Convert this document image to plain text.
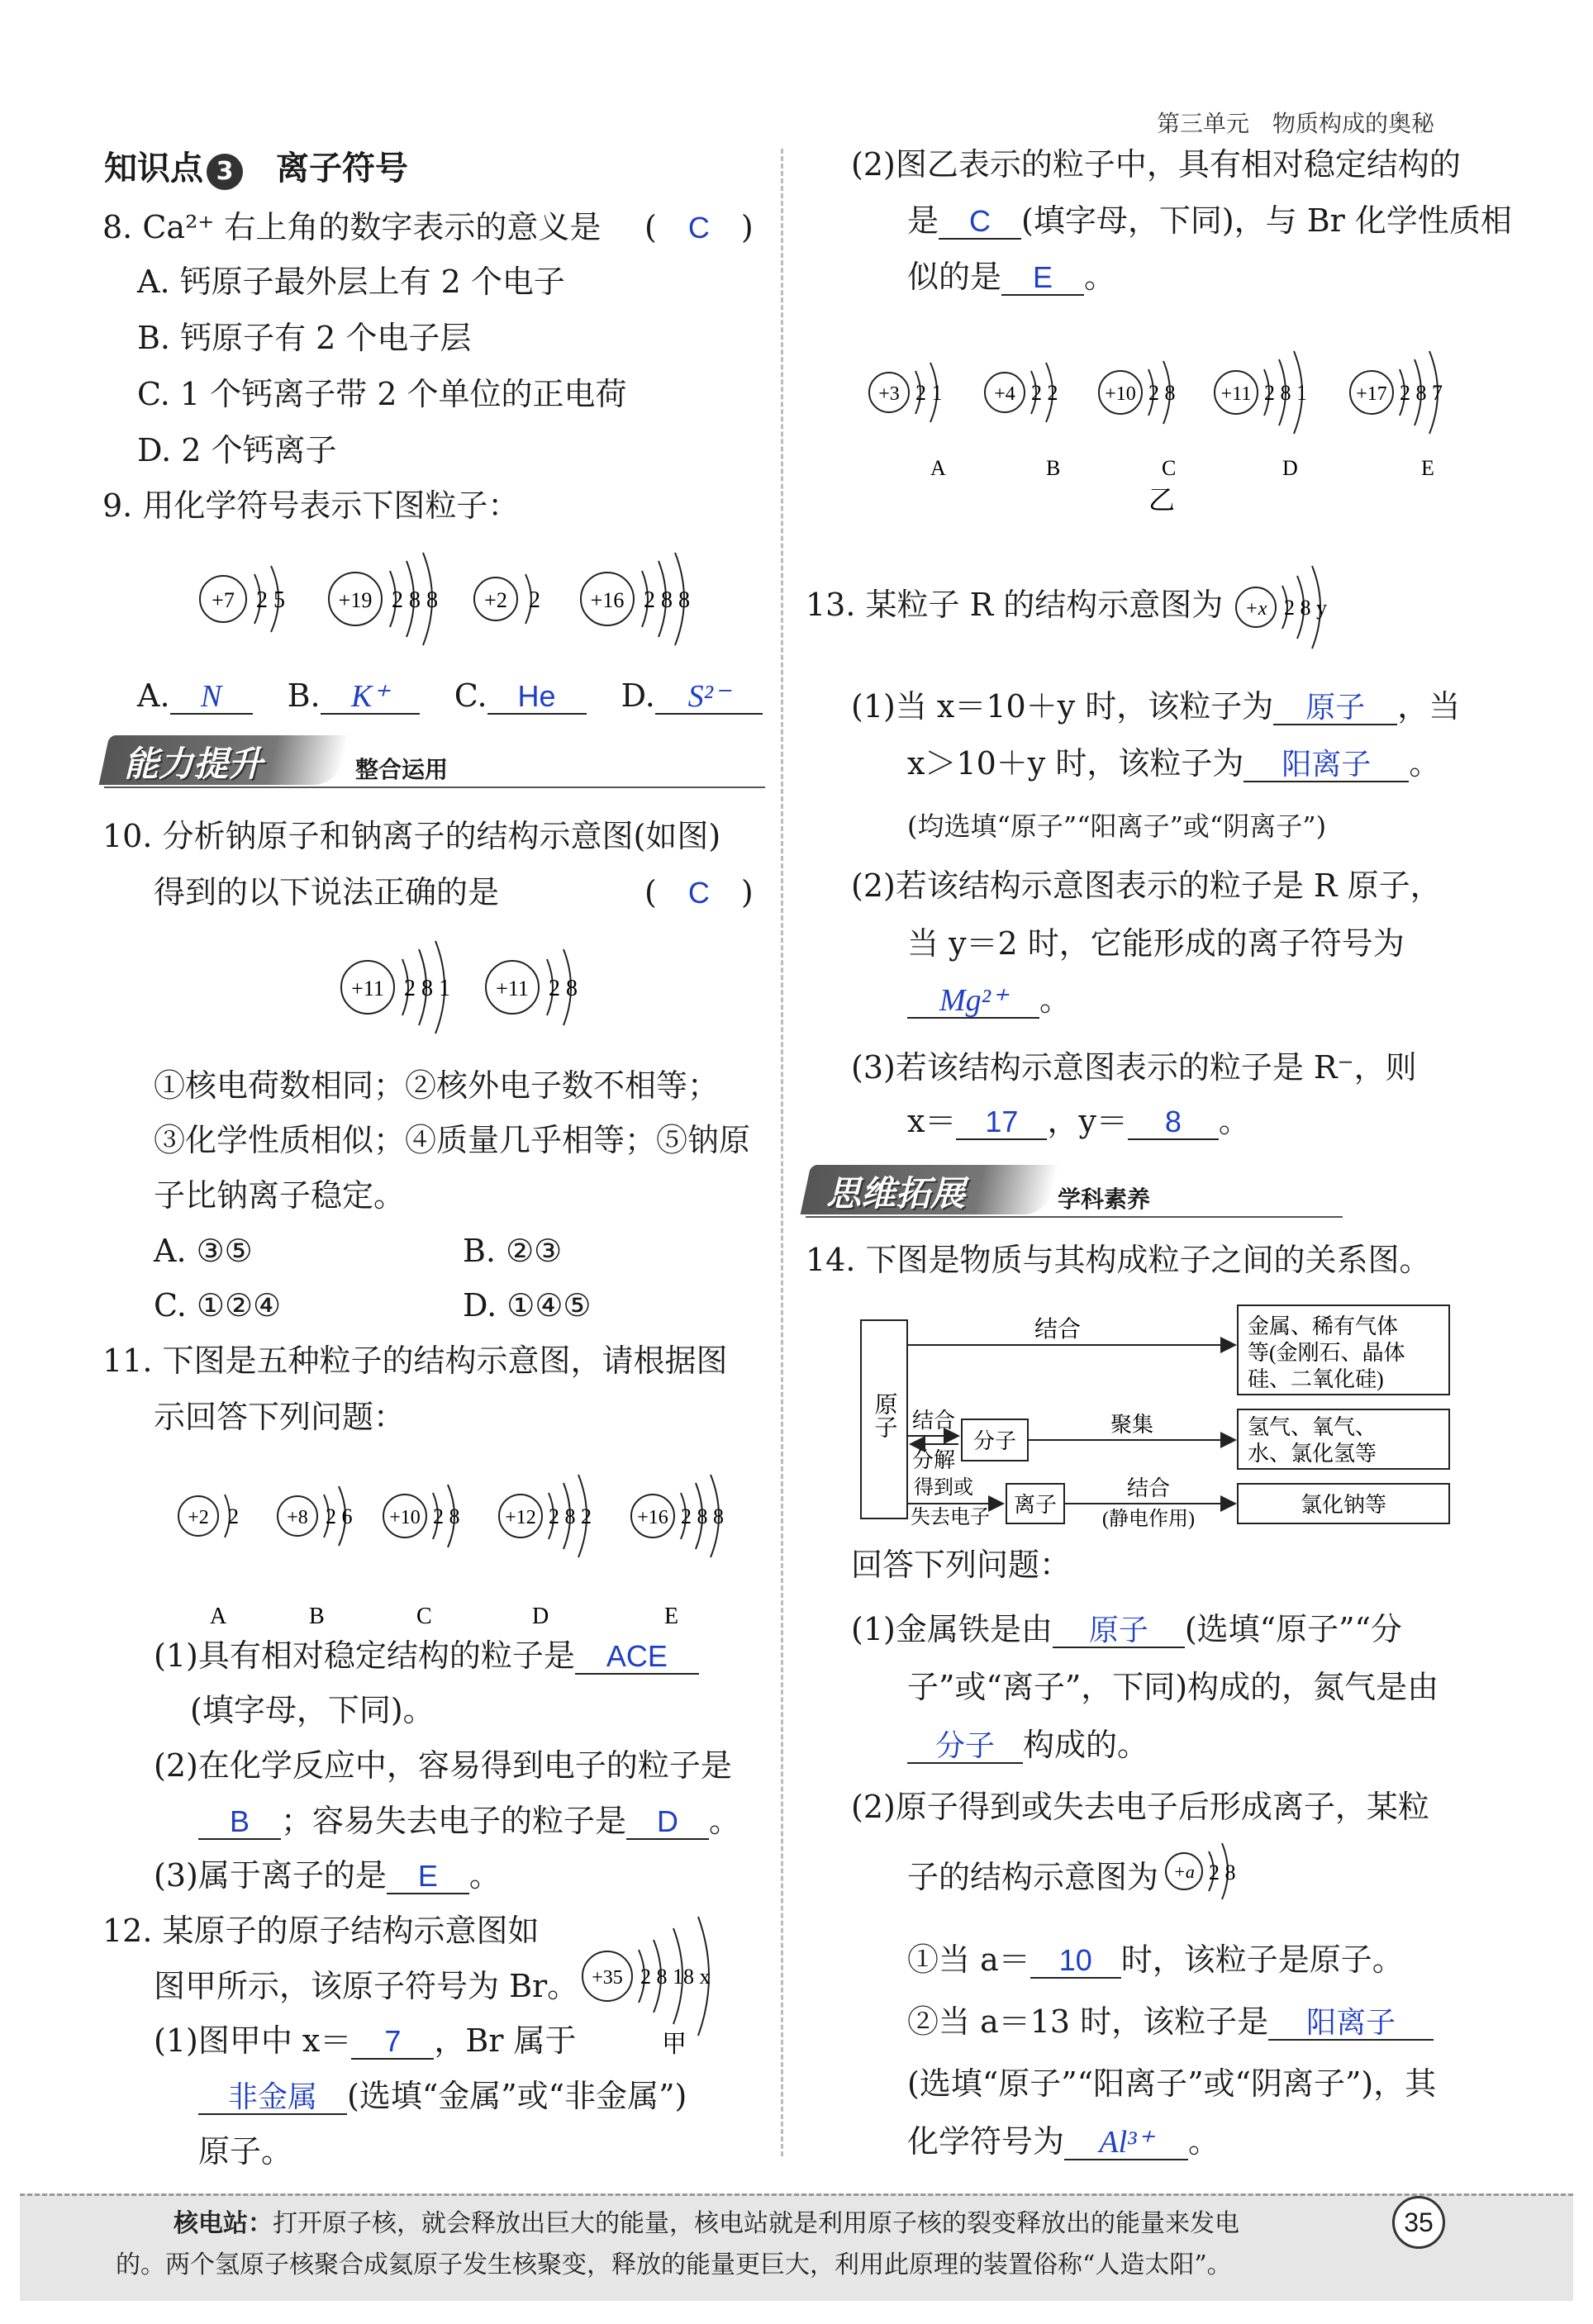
第三单元　物质构成的奥秘
知识点 3 离子符号
8. Ca²⁺ 右上角的数字表示的意义是 (　C　)
A. 钙原子最外层上有 2 个电子
B. 钙原子有 2 个电子层
C. 1 个钙离子带 2 个单位的正电荷
D. 2 个钙离子
9. 用化学符号表示下图粒子：
+7 2 5 +19 2 8 8 +2 2 +16 2 8 8
A. N B. K⁺ C. He D. S²⁻
能力提升	整合运用
10. 分析钠原子和钠离子的结构示意图(如图)
得到的以下说法正确的是	(　C　)
+11 2 8 1 +11 2 8
①核电荷数相同；②核外电子数不相等；
③化学性质相似；④质量几乎相等；⑤钠原
子比钠离子稳定。
A. ③⑤	B. ②③
C. ①②④	D. ①④⑤
11. 下图是五种粒子的结构示意图，请根据图
示回答下列问题：
+2 2
A
+8 2 6
B
+10 2 8
C
+12 2 8 2
D
+16 2 8 8
E
(1)具有相对稳定结构的粒子是 ACE
(填字母，下同)。
(2)在化学反应中，容易得到电子的粒子是
B ；容易失去电子的粒子是 D 。
(3)属于离子的是 E 。
12. 某原子的原子结构示意图如
图甲所示，该原子符号为 Br。 +35 2 8 18 x
甲
(1)图甲中 x＝ 7 ，Br 属于
非金属 (选填“金属”或“非金属”)
原子。
(2)图乙表示的粒子中，具有相对稳定结构的
是 C (填字母，下同)，与 Br 化学性质相
似的是 E 。
+3 2 1
A
+4 2 2
B
+10 2 8
C
+11 2 8 1
D
+17 2 8 7
E
乙
13. 某粒子 R 的结构示意图为 +x 2 8 y
(1)当 x＝10＋y 时，该粒子为 原子 ，当
x＞10＋y 时，该粒子为 阳离子 。
(均选填“原子”“阳离子”或“阴离子”)
(2)若该结构示意图表示的粒子是 R 原子，
当 y＝2 时，它能形成的离子符号为
Mg²⁺ 。
(3)若该结构示意图表示的粒子是 R⁻，则
x＝ 17 ，y＝ 8 。
思维拓展	学科素养
14. 下图是物质与其构成粒子之间的关系图。
原子
结合	金属、稀有气体
等(金刚石、晶体
硅、二氧化硅)
结合
分解
分子
聚集	氢气、氧气、
水、氯化氢等
得到或
失去电子
离子
结合
(静电作用)
氯化钠等
回答下列问题：
(1)金属铁是由 原子 (选填“原子”“分
子”或“离子”，下同)构成的，氮气是由
分子 构成的。
(2)原子得到或失去电子后形成离子，某粒
子的结构示意图为 +a 2 8
①当 a＝ 10 时，该粒子是原子。
②当 a＝13 时，该粒子是 阳离子
(选填“原子”“阳离子”或“阴离子”)，其
化学符号为 Al³⁺ 。
核电站：打开原子核，就会释放出巨大的能量，核电站就是利用原子核的裂变释放出的能量来发电
的。两个氢原子核聚合成氦原子发生核聚变，释放的能量更巨大，利用此原理的装置俗称“人造太阳”。
35
